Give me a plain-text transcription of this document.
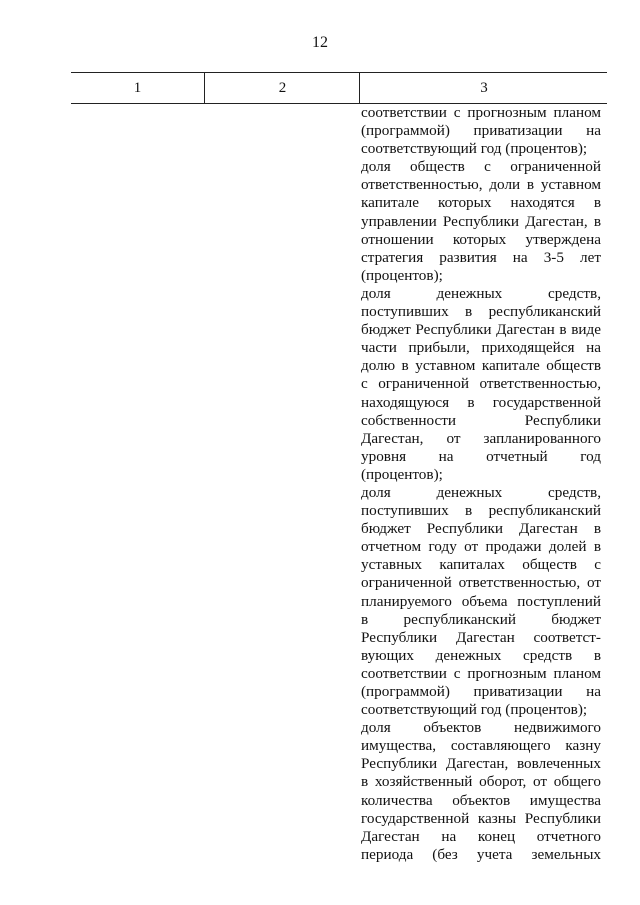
12
1	2	3
соответствии с прогнозным планом
(программой) приватизации на
соответствующий год (процентов);
доля обществ с ограниченной
ответственностью, доли в уставном
капитале которых находятся в
управлении Республики Дагестан, в
отношении которых утверждена
стратегия развития на 3-5 лет
(процентов);
доля денежных средств,
поступивших в республиканский
бюджет Республики Дагестан в виде
части прибыли, приходящейся на
долю в уставном капитале обществ
с ограниченной ответственностью,
находящуюся в государственной
собственности Республики
Дагестан, от запланированного
уровня на отчетный год
(процентов);
доля денежных средств,
поступивших в республиканский
бюджет Республики Дагестан в
отчетном году от продажи долей в
уставных капиталах обществ с
ограниченной ответственностью, от
планируемого объема поступлений
в республиканский бюджет
Республики Дагестан соответст-
вующих денежных средств в
соответствии с прогнозным планом
(программой) приватизации на
соответствующий год (процентов);
доля объектов недвижимого
имущества, составляющего казну
Республики Дагестан, вовлеченных
в хозяйственный оборот, от общего
количества объектов имущества
государственной казны Республики
Дагестан на конец отчетного
периода (без учета земельных
